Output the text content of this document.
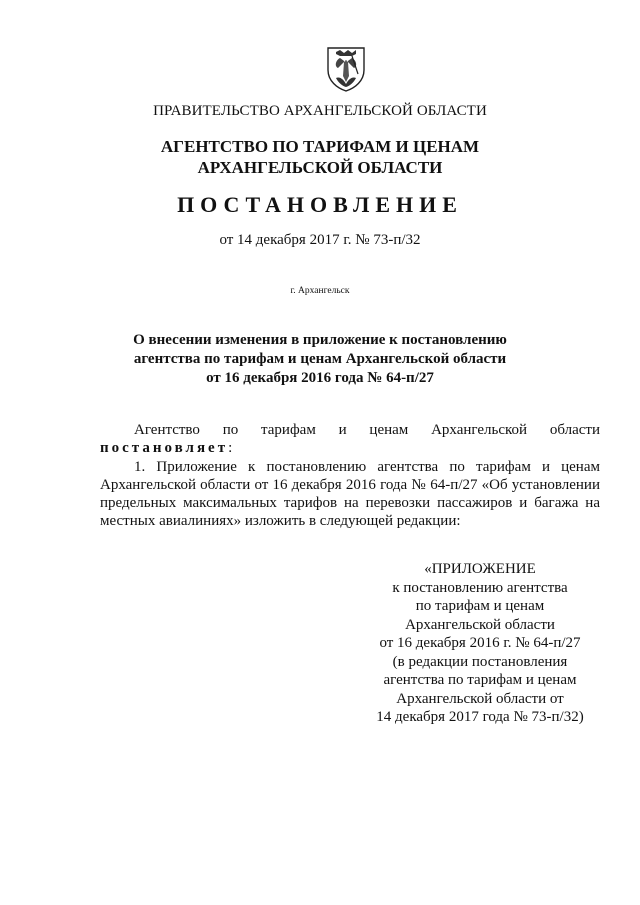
ПРАВИТЕЛЬСТВО АРХАНГЕЛЬСКОЙ ОБЛАСТИ
АГЕНТСТВО ПО ТАРИФАМ И ЦЕНАМ
АРХАНГЕЛЬСКОЙ ОБЛАСТИ
ПОСТАНОВЛЕНИЕ
от 14 декабря 2017 г. № 73-п/32
г. Архангельск
О внесении изменения в приложение к постановлению
агентства по тарифам и ценам Архангельской области
от 16 декабря 2016 года № 64-п/27
Агентство по тарифам и ценам Архангельской области
постановляет:
1. Приложение к постановлению агентства по тарифам и ценам Архангельской области от 16 декабря 2016 года № 64-п/27 «Об установлении предельных максимальных тарифов на перевозки пассажиров и багажа на местных авиалиниях» изложить в следующей редакции:
«ПРИЛОЖЕНИЕ
к постановлению агентства
по тарифам и ценам
Архангельской области
от 16 декабря 2016 г. № 64-п/27
(в редакции постановления
агентства по тарифам и ценам
Архангельской области от
14 декабря 2017 года № 73-п/32)
